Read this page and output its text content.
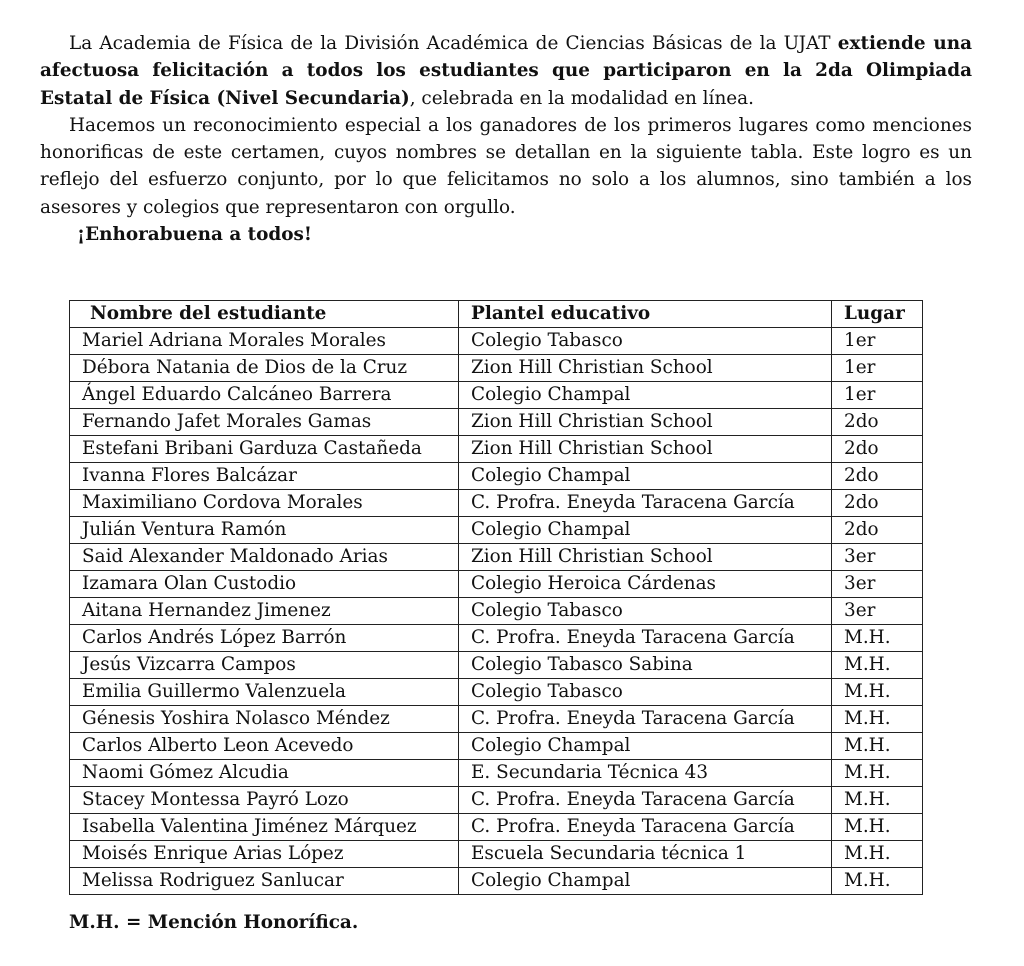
La Academia de Física de la División Académica de Ciencias Básicas de la UJAT extiende una afectuosa felicitación a todos los estudiantes que participaron en la 2da Olimpiada Estatal de Física (Nivel Secundaria), celebrada en la modalidad en línea.

Hacemos un reconocimiento especial a los ganadores de los primeros lugares como menciones honorificas de este certamen, cuyos nombres se detallan en la siguiente tabla. Este logro es un reflejo del esfuerzo conjunto, por lo que felicitamos no solo a los alumnos, sino también a los asesores y colegios que representaron con orgullo.

¡Enhorabuena a todos!

Nombre del estudiante	Plantel educativo	Lugar
Mariel Adriana Morales Morales	Colegio Tabasco	1er
Débora Natania de Dios de la Cruz	Zion Hill Christian School	1er
Ángel Eduardo Calcáneo Barrera	Colegio Champal	1er
Fernando Jafet Morales Gamas	Zion Hill Christian School	2do
Estefani Bribani Garduza Castañeda	Zion Hill Christian School	2do
Ivanna Flores Balcázar	Colegio Champal	2do
Maximiliano Cordova Morales	C. Profra. Eneyda Taracena García	2do
Julián Ventura Ramón	Colegio Champal	2do
Said Alexander Maldonado Arias	Zion Hill Christian School	3er
Izamara Olan Custodio	Colegio Heroica Cárdenas	3er
Aitana Hernandez Jimenez	Colegio Tabasco	3er
Carlos Andrés López Barrón	C. Profra. Eneyda Taracena García	M.H.
Jesús Vizcarra Campos	Colegio Tabasco Sabina	M.H.
Emilia Guillermo Valenzuela	Colegio Tabasco	M.H.
Génesis Yoshira Nolasco Méndez	C. Profra. Eneyda Taracena García	M.H.
Carlos Alberto Leon Acevedo	Colegio Champal	M.H.
Naomi Gómez Alcudia	E. Secundaria Técnica 43	M.H.
Stacey Montessa Payró Lozo	C. Profra. Eneyda Taracena García	M.H.
Isabella Valentina Jiménez Márquez	C. Profra. Eneyda Taracena García	M.H.
Moisés Enrique Arias López	Escuela Secundaria técnica 1	M.H.
Melissa Rodriguez Sanlucar	Colegio Champal	M.H.
M.H. = Mención Honorífica.
